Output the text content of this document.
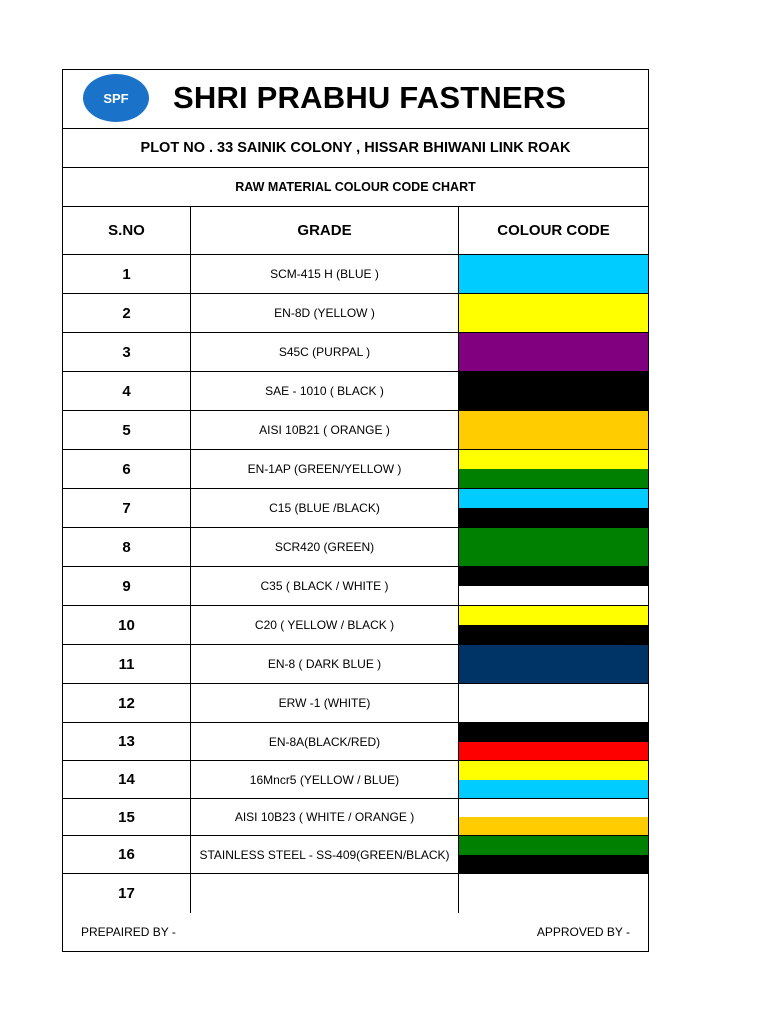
SPF SHRI PRABHU FASTNERS
PLOT NO . 33 SAINIK COLONY , HISSAR BHIWANI LINK ROAK
RAW MATERIAL COLOUR CODE CHART
S.NO	GRADE	COLOUR CODE
1	SCM-415 H (BLUE )
2	EN-8D (YELLOW )
3	S45C (PURPAL )
4	SAE - 1010 ( BLACK )
5	AISI 10B21 ( ORANGE )
6	EN-1AP (GREEN/YELLOW )
7	C15 (BLUE /BLACK)
8	SCR420 (GREEN)
9	C35 ( BLACK / WHITE )
10	C20 ( YELLOW / BLACK )
11	EN-8 ( DARK BLUE )
12	ERW -1 (WHITE)
13	EN-8A(BLACK/RED)
14	16Mncr5 (YELLOW / BLUE)
15	AISI 10B23 ( WHITE / ORANGE )
16	STAINLESS STEEL - SS-409(GREEN/BLACK)
17
PREPAIRED BY -	APPROVED BY -
